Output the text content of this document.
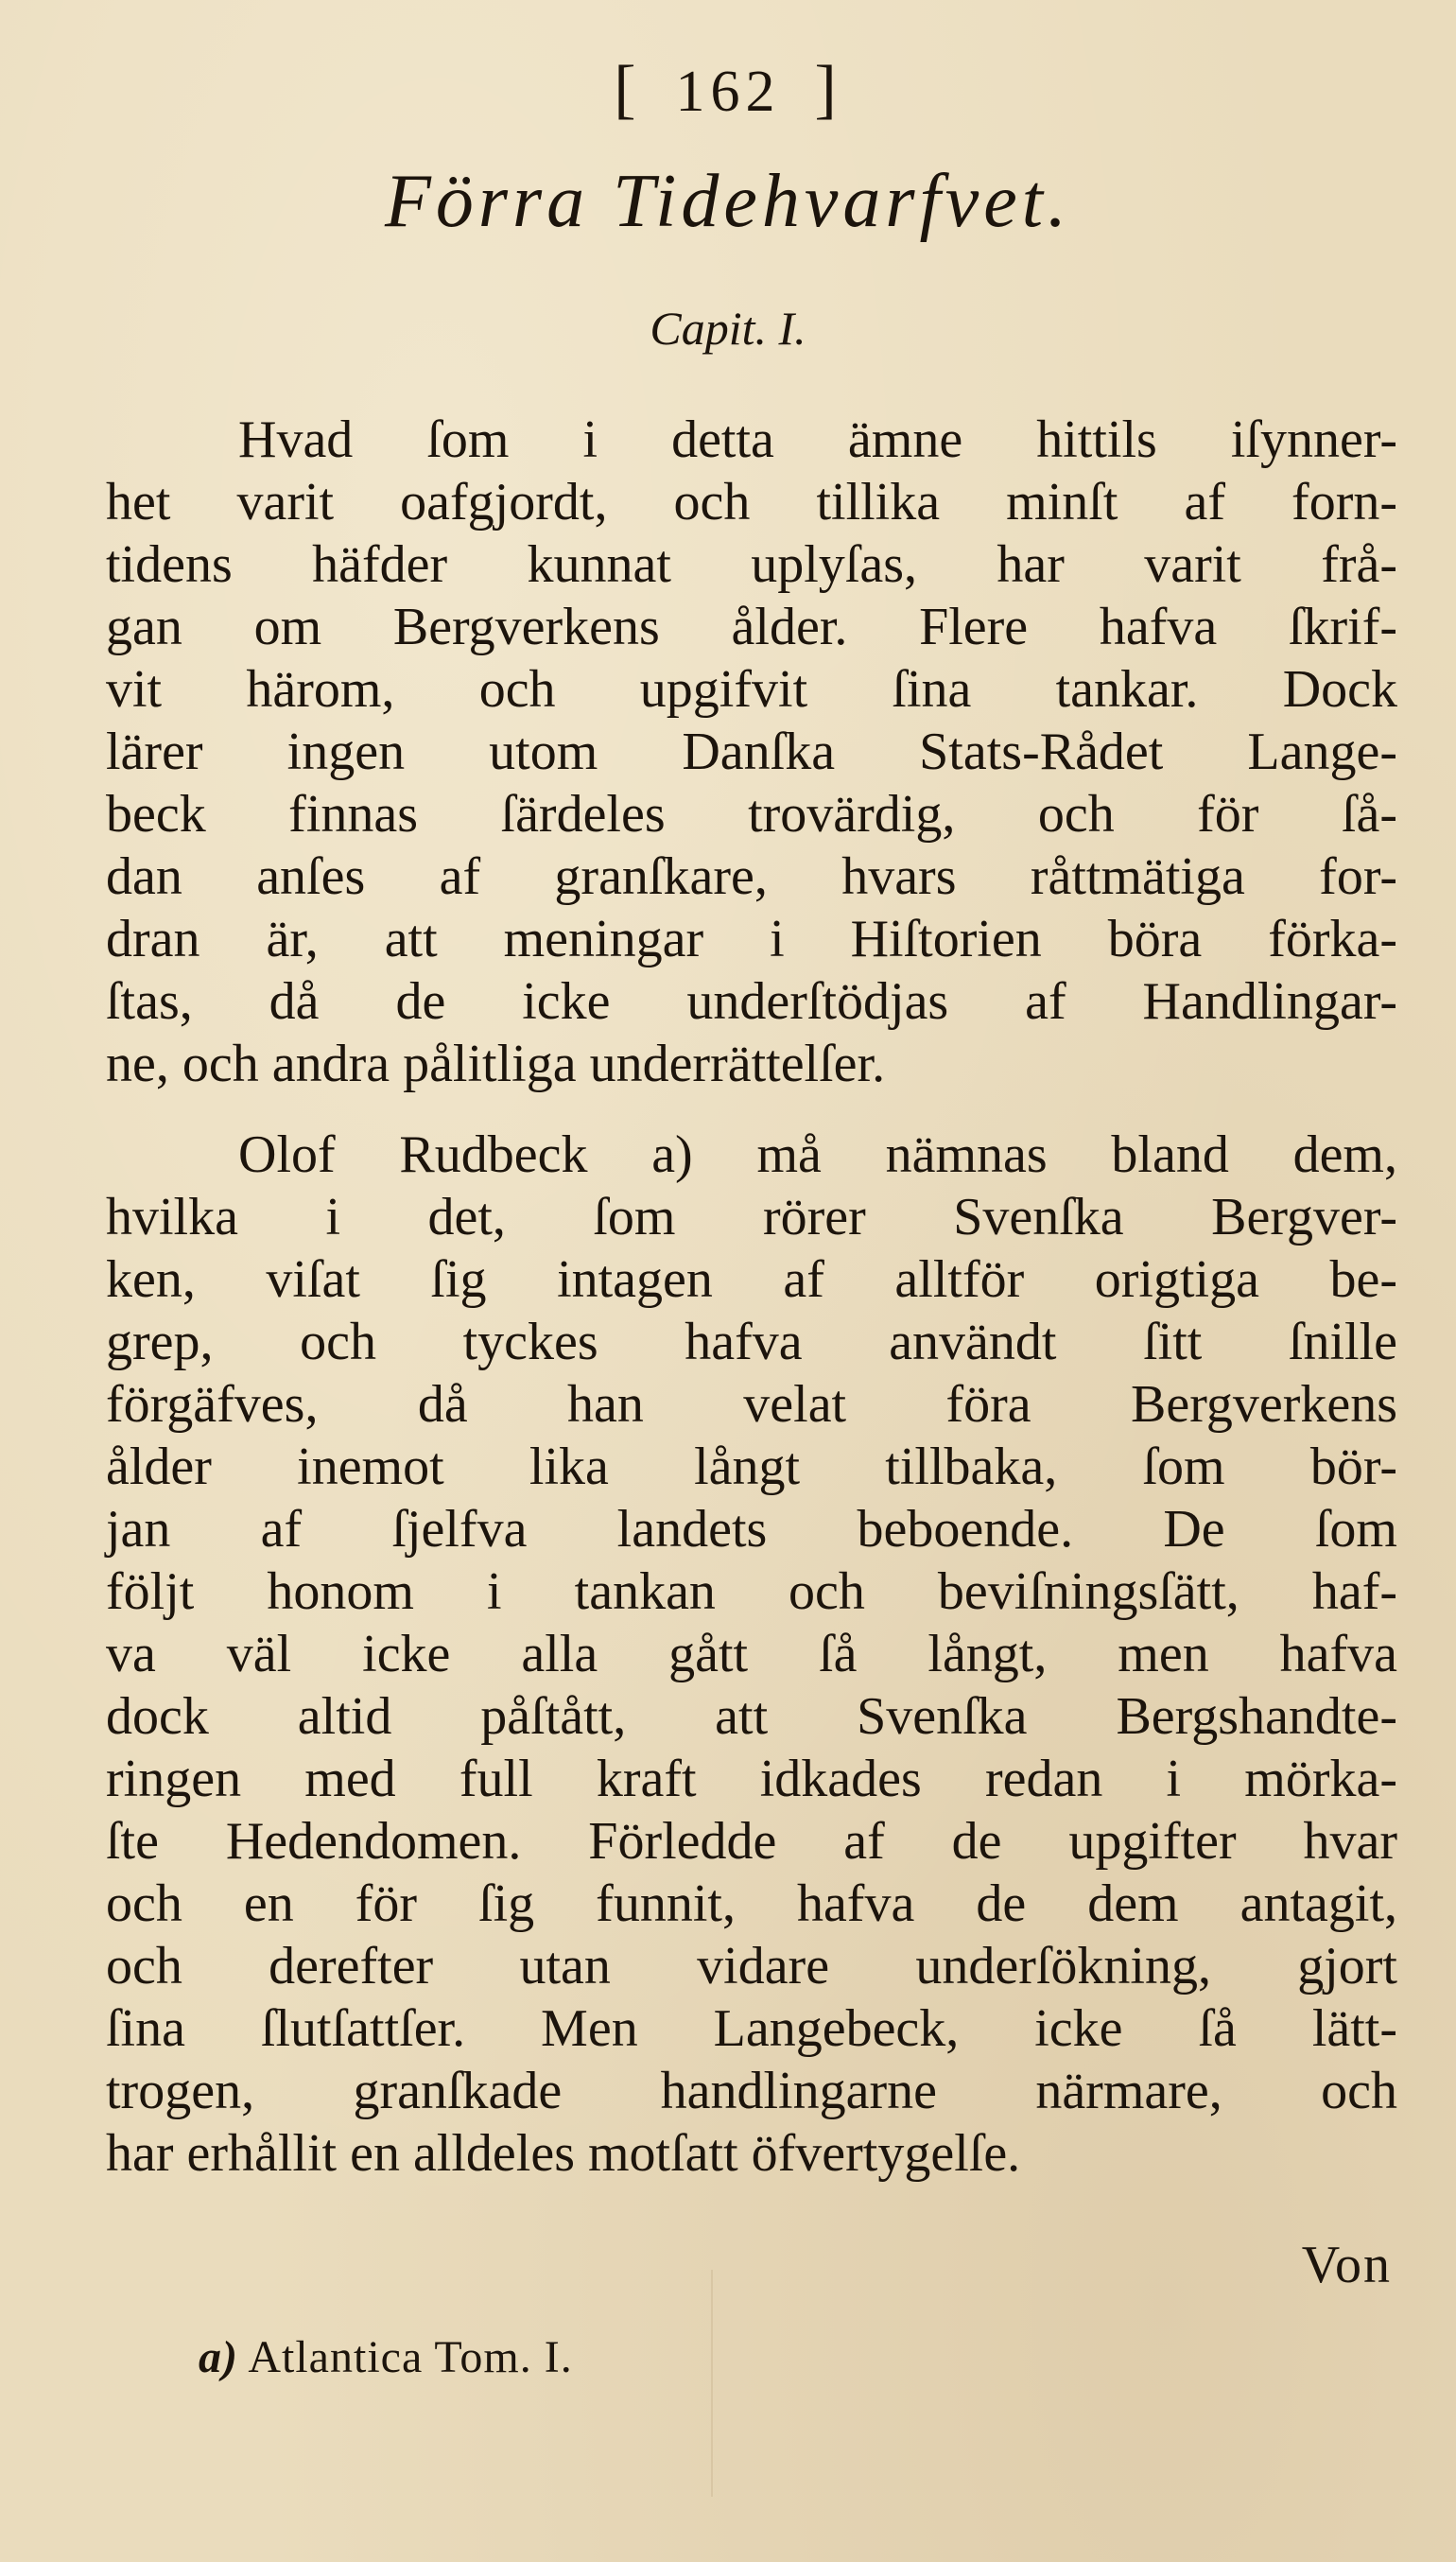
[ 162 ]
Förra Tidehvarfvet.
Capit. I.
Hvad ſom i detta ämne hittils iſynner-
het varit oafgjordt, och tillika minſt af forn-
tidens häfder kunnat uplyſas, har varit frå-
gan om Bergverkens ålder. Flere hafva ſkrif-
vit härom, och upgifvit ſina tankar. Dock
lärer ingen utom Danſka Stats-Rådet Lange-
beck finnas ſärdeles trovärdig, och för ſå-
dan anſes af granſkare, hvars råttmätiga for-
dran är, att meningar i Hiſtorien böra förka-
ſtas, då de icke underſtödjas af Handlingar-
ne, och andra pålitliga underrättelſer.
Olof Rudbeck a) må nämnas bland dem,
hvilka i det, ſom rörer Svenſka Bergver-
ken, viſat ſig intagen af alltför origtiga be-
grep, och tyckes hafva användt ſitt ſnille
förgäfves, då han velat föra Bergverkens
ålder inemot lika långt tillbaka, ſom bör-
jan af ſjelfva landets beboende. De ſom
följt honom i tankan och beviſningsſätt, haf-
va väl icke alla gått ſå långt, men hafva
dock altid påſtått, att Svenſka Bergshandte-
ringen med full kraft idkades redan i mörka-
ſte Hedendomen. Förledde af de upgifter hvar
och en för ſig funnit, hafva de dem antagit,
och derefter utan vidare underſökning, gjort
ſina ſlutſattſer. Men Langebeck, icke ſå lätt-
trogen, granſkade handlingarne närmare, och
har erhållit en alldeles motſatt öfvertygelſe.
Von
a) Atlantica Tom. I.
